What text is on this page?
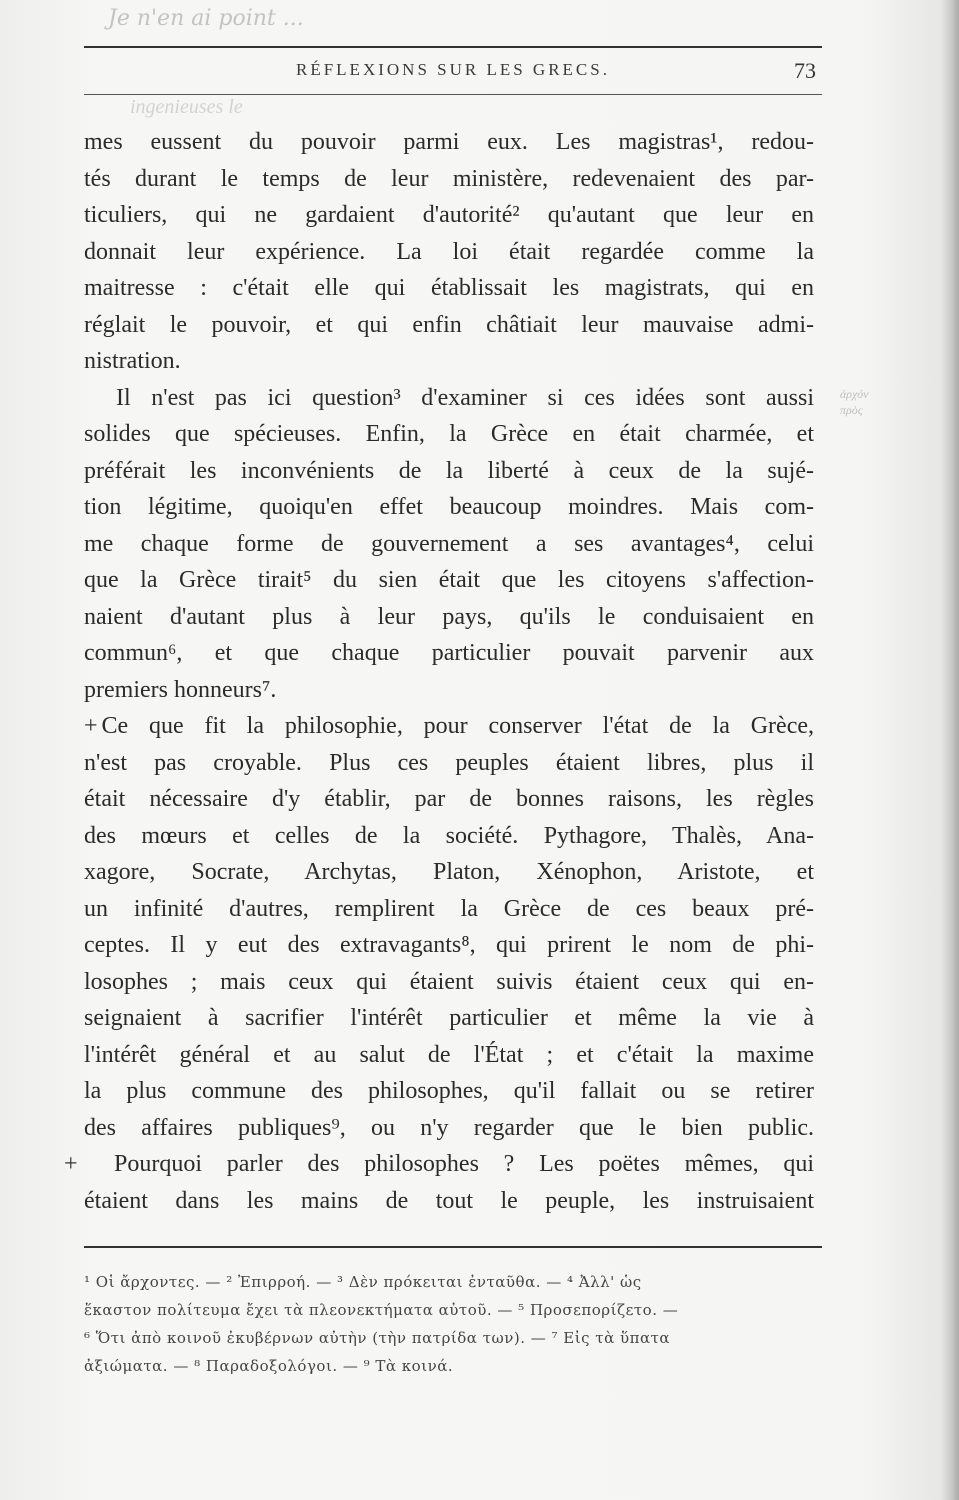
Je n'en ai point ...
RÉFLEXIONS SUR LES GRECS.	73
ingenieuses le
mes eussent du pouvoir parmi eux. Les magistras¹, redou-
tés durant le temps de leur ministère, redevenaient des par-
ticuliers, qui ne gardaient d'autorité² qu'autant que leur en
donnait leur expérience. La loi était regardée comme la
maitresse : c'était elle qui établissait les magistrats, qui en
réglait le pouvoir, et qui enfin châtiait leur mauvaise admi-
nistration.
Il n'est pas ici question³ d'examiner si ces idées sont aussi
solides que spécieuses. Enfin, la Grèce en était charmée, et
préférait les inconvénients de la liberté à ceux de la sujé-
tion légitime, quoiqu'en effet beaucoup moindres. Mais com-
me chaque forme de gouvernement a ses avantages⁴, celui
que la Grèce tirait⁵ du sien était que les citoyens s'affection-
naient d'autant plus à leur pays, qu'ils le conduisaient en
commun⁶, et que chaque particulier pouvait parvenir aux
premiers honneurs⁷.
+ Ce que fit la philosophie, pour conserver l'état de la Grèce,
n'est pas croyable. Plus ces peuples étaient libres, plus il
était nécessaire d'y établir, par de bonnes raisons, les règles
des mœurs et celles de la société. Pythagore, Thalès, Ana-
xagore, Socrate, Archytas, Platon, Xénophon, Aristote, et
un infinité d'autres, remplirent la Grèce de ces beaux pré-
ceptes. Il y eut des extravagants⁸, qui prirent le nom de phi-
losophes ; mais ceux qui étaient suivis étaient ceux qui en-
seignaient à sacrifier l'intérêt particulier et même la vie à
l'intérêt général et au salut de l'État ; et c'était la maxime
la plus commune des philosophes, qu'il fallait ou se retirer
des affaires publiques⁹, ou n'y regarder que le bien public.
+ Pourquoi parler des philosophes ? Les poëtes mêmes, qui
étaient dans les mains de tout le peuple, les instruisaient
ἀρχόν
πρὸς
¹ Οἱ ἄρχοντες. — ² Ἐπιρροή. — ³ Δὲν πρόκειται ἐνταῦθα. — ⁴ Ἀλλ' ὡς
ἕκαστον πολίτευμα ἔχει τὰ πλεονεκτήματα αὐτοῦ. — ⁵ Προσεπορίζετο. —
⁶ Ὅτι ἀπὸ κοινοῦ ἐκυβέρνων αὐτὴν (τὴν πατρίδα των). — ⁷ Εἰς τὰ ὕπατα
ἀξιώματα. — ⁸ Παραδοξολόγοι. — ⁹ Τὰ κοινά.
